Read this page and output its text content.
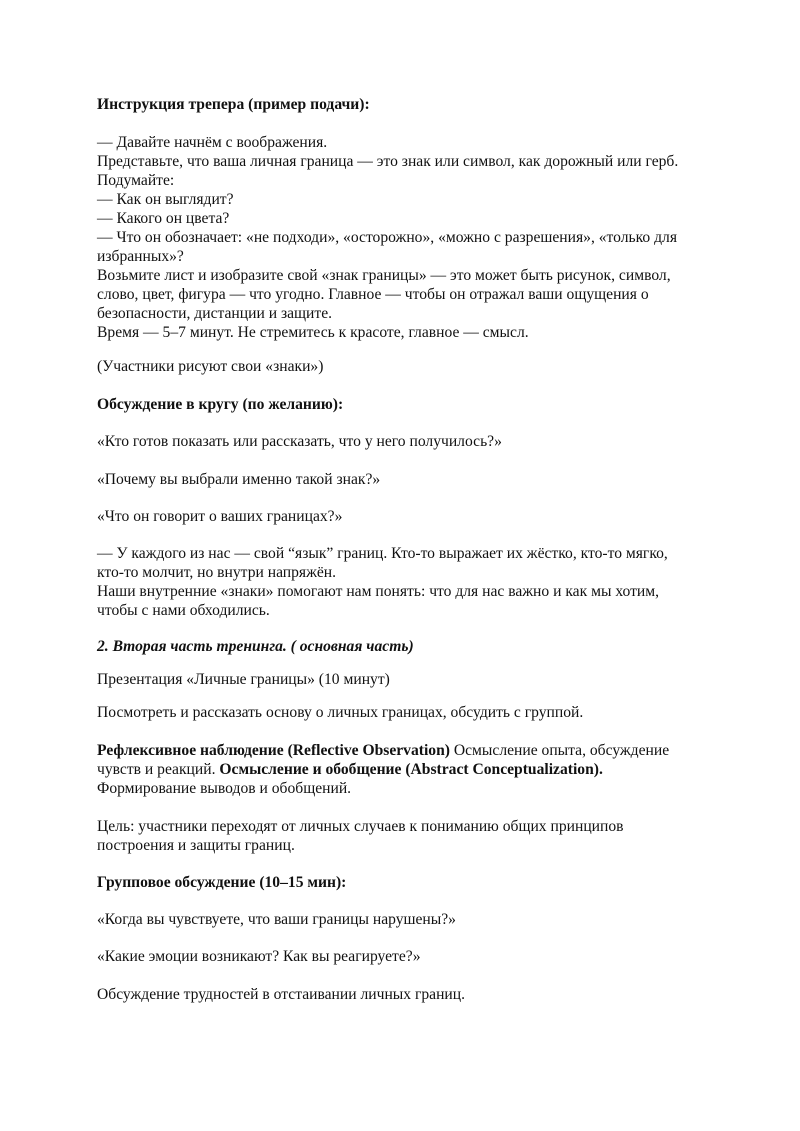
Инструкция трепера (пример подачи):

— Давайте начнём с воображения.
Представьте, что ваша личная граница — это знак или символ, как дорожный или герб.
Подумайте:
— Как он выглядит?
— Какого он цвета?
— Что он обозначает: «не подходи», «осторожно», «можно с разрешения», «только для
избранных»?
Возьмите лист и изобразите свой «знак границы» — это может быть рисунок, символ,
слово, цвет, фигура — что угодно. Главное — чтобы он отражал ваши ощущения о
безопасности, дистанции и защите.
Время — 5–7 минут. Не стремитесь к красоте, главное — смысл.

(Участники рисуют свои «знаки»)

Обсуждение в кругу (по желанию):

«Кто готов показать или рассказать, что у него получилось?»

«Почему вы выбрали именно такой знак?»

«Что он говорит о ваших границах?»

— У каждого из нас — свой “язык” границ. Кто-то выражает их жёстко, кто-то мягко,
кто-то молчит, но внутри напряжён.
Наши внутренние «знаки» помогают нам понять: что для нас важно и как мы хотим,
чтобы с нами обходились.

2. Вторая часть тренинга. ( основная часть)

Презентация «Личные границы» (10 минут)

Посмотреть и рассказать основу о личных границах, обсудить с группой.

Рефлексивное наблюдение (Reflective Observation) Осмысление опыта, обсуждение
чувств и реакций. Осмысление и обобщение (Abstract Conceptualization).
Формирование выводов и обобщений.
Цель: участники переходят от личных случаев к пониманию общих принципов
построения и защиты границ.

Групповое обсуждение (10–15 мин):

«Когда вы чувствуете, что ваши границы нарушены?»

«Какие эмоции возникают? Как вы реагируете?»

Обсуждение трудностей в отстаивании личных границ.
